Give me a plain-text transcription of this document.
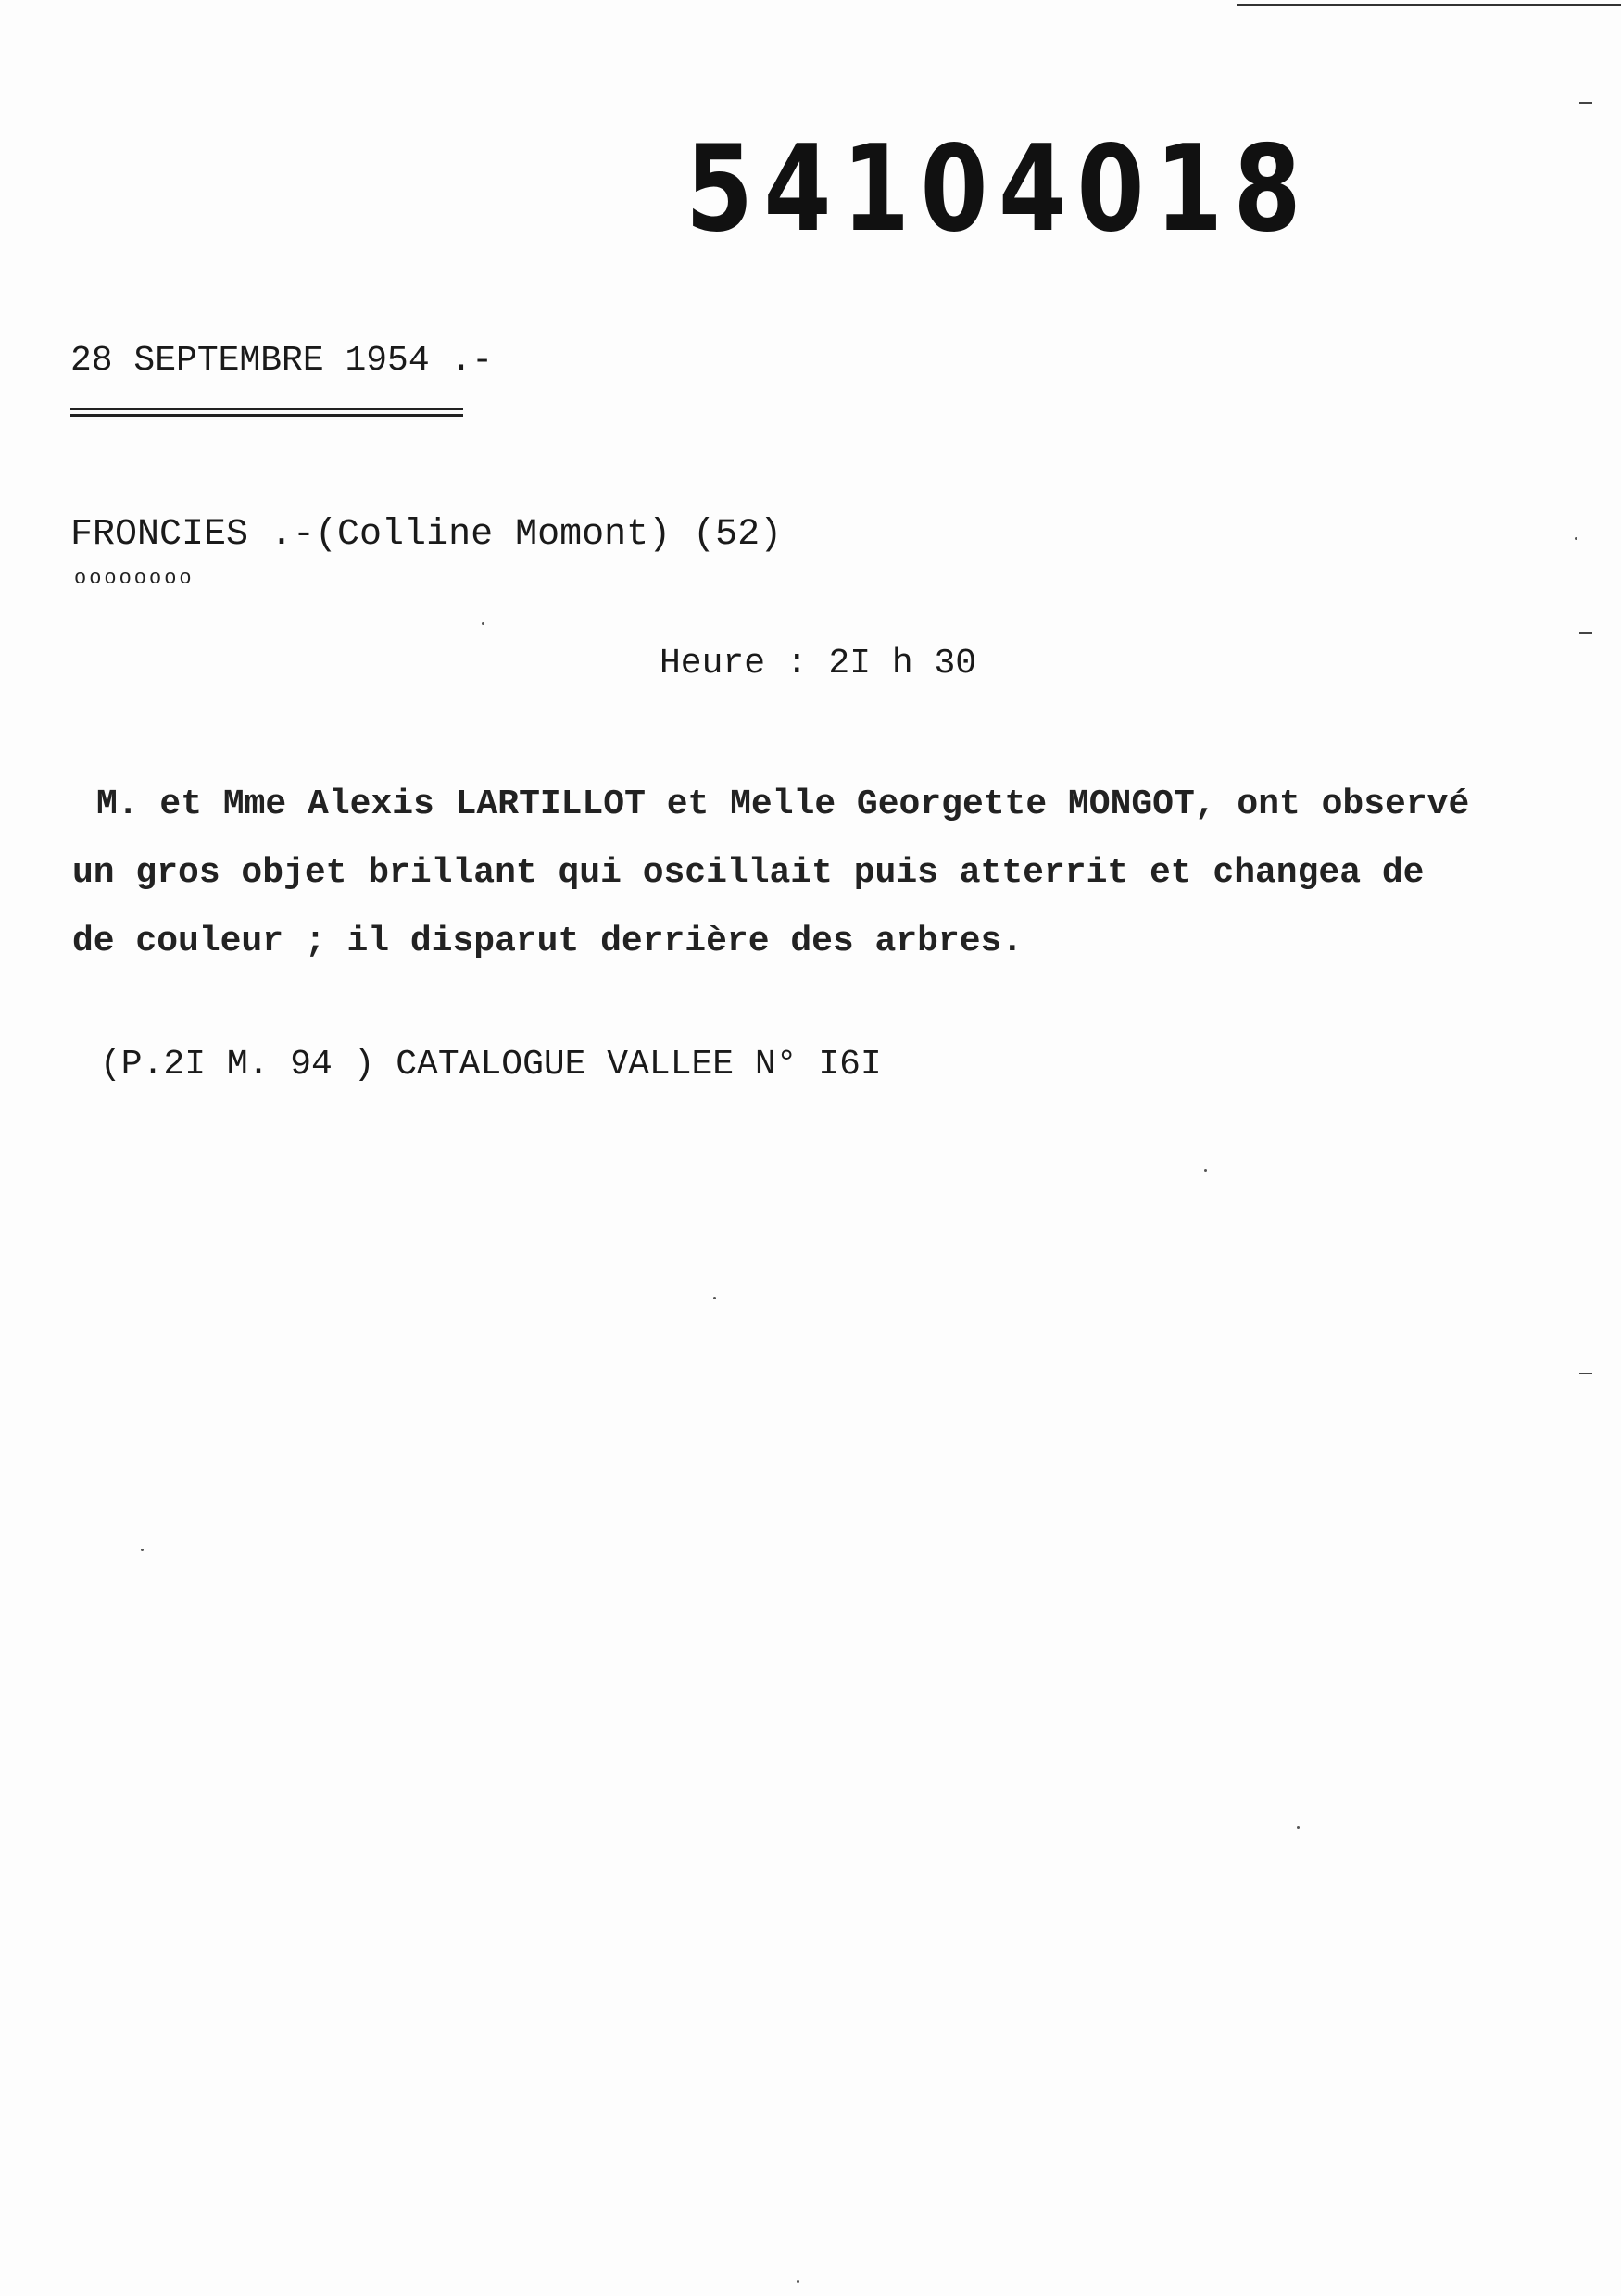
54104018
28 SEPTEMBRE 1954 .-
FRONCIES .-(Colline Momont) (52)
oooooooo
Heure : 2I h 30

M. et Mme Alexis LARTILLOT et Melle Georgette MONGOT, ont observé

un gros objet brillant qui oscillait puis atterrit et changea de

de couleur ; il disparut derrière des arbres.

(P.2I M. 94 ) CATALOGUE VALLEE N° I6I
